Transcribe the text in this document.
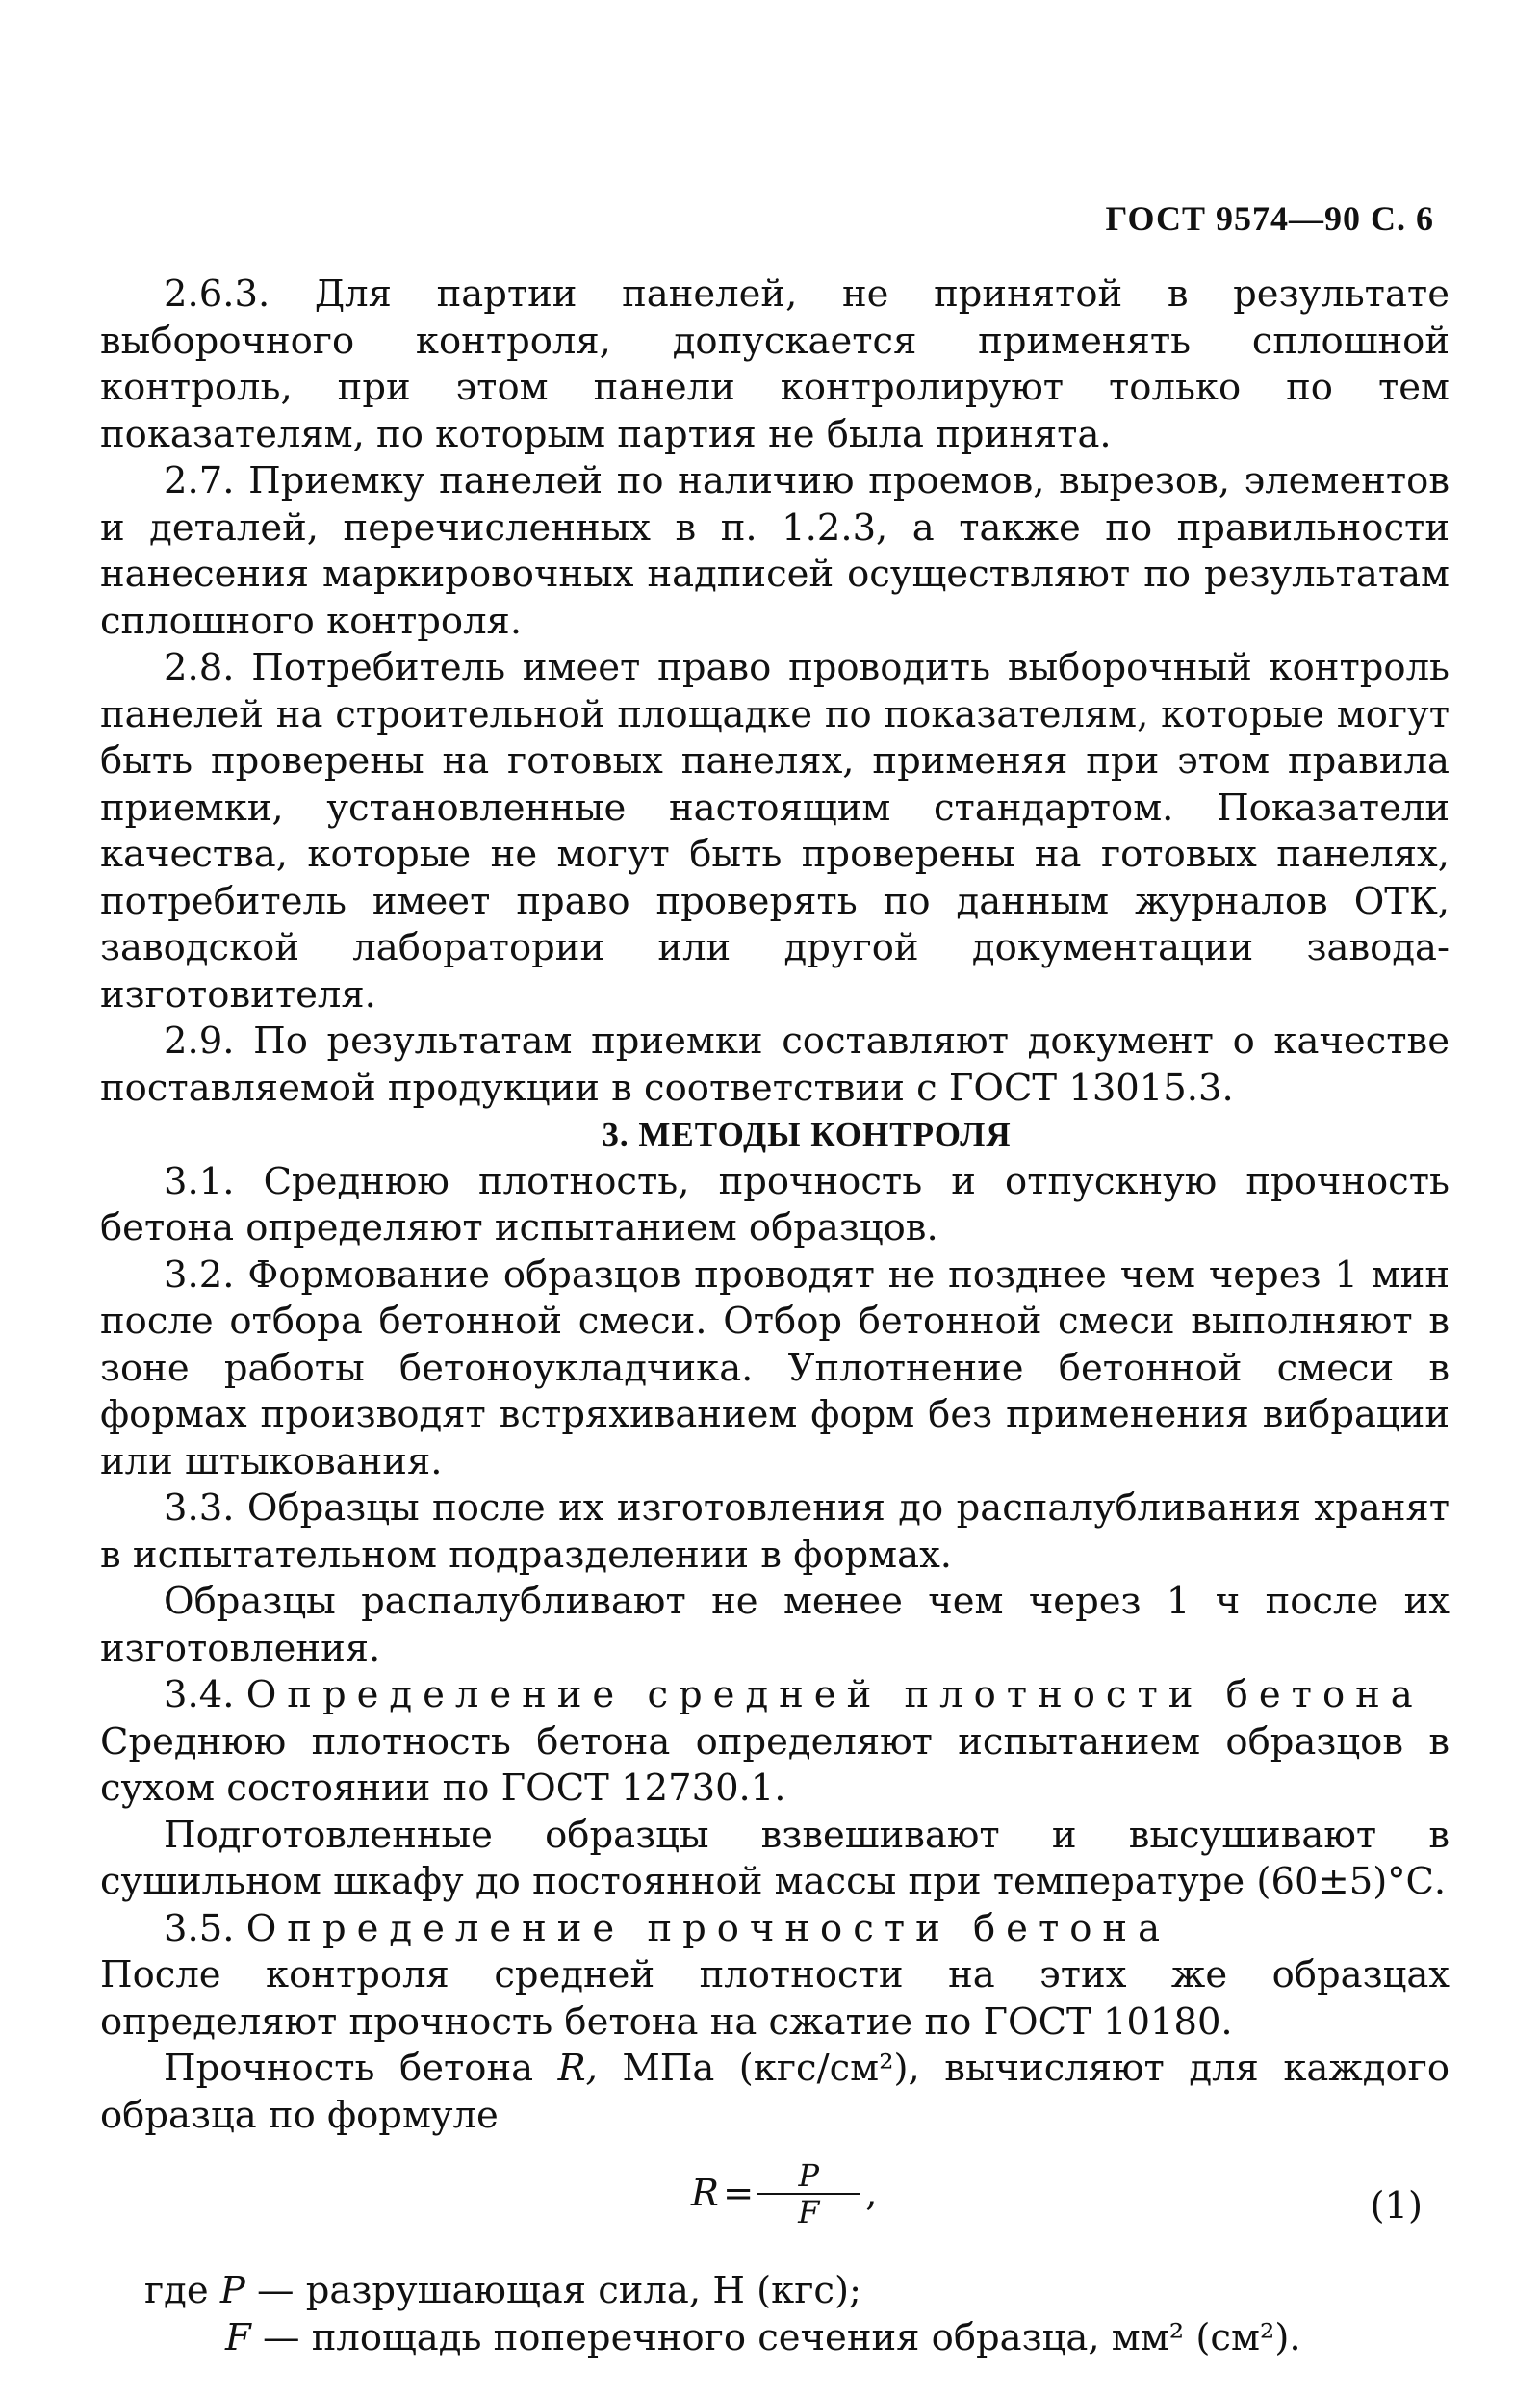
ГОСТ 9574—90 С. 6

2.6.3. Для партии панелей, не принятой в результате выборочного контроля, допускается применять сплошной контроль, при этом панели контролируют только по тем показателям, по которым партия не была принята.

2.7. Приемку панелей по наличию проемов, вырезов, элементов и деталей, перечисленных в п. 1.2.3, а также по правильности нанесения маркировочных надписей осуществляют по результатам сплошного контроля.

2.8. Потребитель имеет право проводить выборочный контроль панелей на строительной площадке по показателям, которые могут быть проверены на готовых панелях, применяя при этом правила приемки, установленные настоящим стандартом. Показатели качества, которые не могут быть проверены на готовых панелях, потребитель имеет право проверять по данным журналов ОТК, заводской лаборатории или другой документации завода-изготовителя.

2.9. По результатам приемки составляют документ о качестве поставляемой продукции в соответствии с ГОСТ 13015.3.

3. МЕТОДЫ КОНТРОЛЯ

3.1. Среднюю плотность, прочность и отпускную прочность бетона определяют испытанием образцов.

3.2. Формование образцов проводят не позднее чем через 1 мин после отбора бетонной смеси. Отбор бетонной смеси выполняют в зоне работы бетоноукладчика. Уплотнение бетонной смеси в формах производят встряхиванием форм без применения вибрации или штыкования.

3.3. Образцы после их изготовления до распалубливания хранят в испытательном подразделении в формах.

Образцы распалубливают не менее чем через 1 ч после их изготовления.

3.4. Определение средней плотности бетона

Среднюю плотность бетона определяют испытанием образцов в сухом состоянии по ГОСТ 12730.1.

Подготовленные образцы взвешивают и высушивают в сушильном шкафу до постоянной массы при температуре (60±5)°С.

3.5. Определение прочности бетона

После контроля средней плотности на этих же образцах определяют прочность бетона на сжатие по ГОСТ 10180.

Прочность бетона R, МПа (кгс/см²), вычисляют для каждого образца по формуле

$R = \frac{P}{F}$ ,	(1)
где P — разрушающая сила, Н (кгс);
F — площадь поперечного сечения образца, мм² (см²).
